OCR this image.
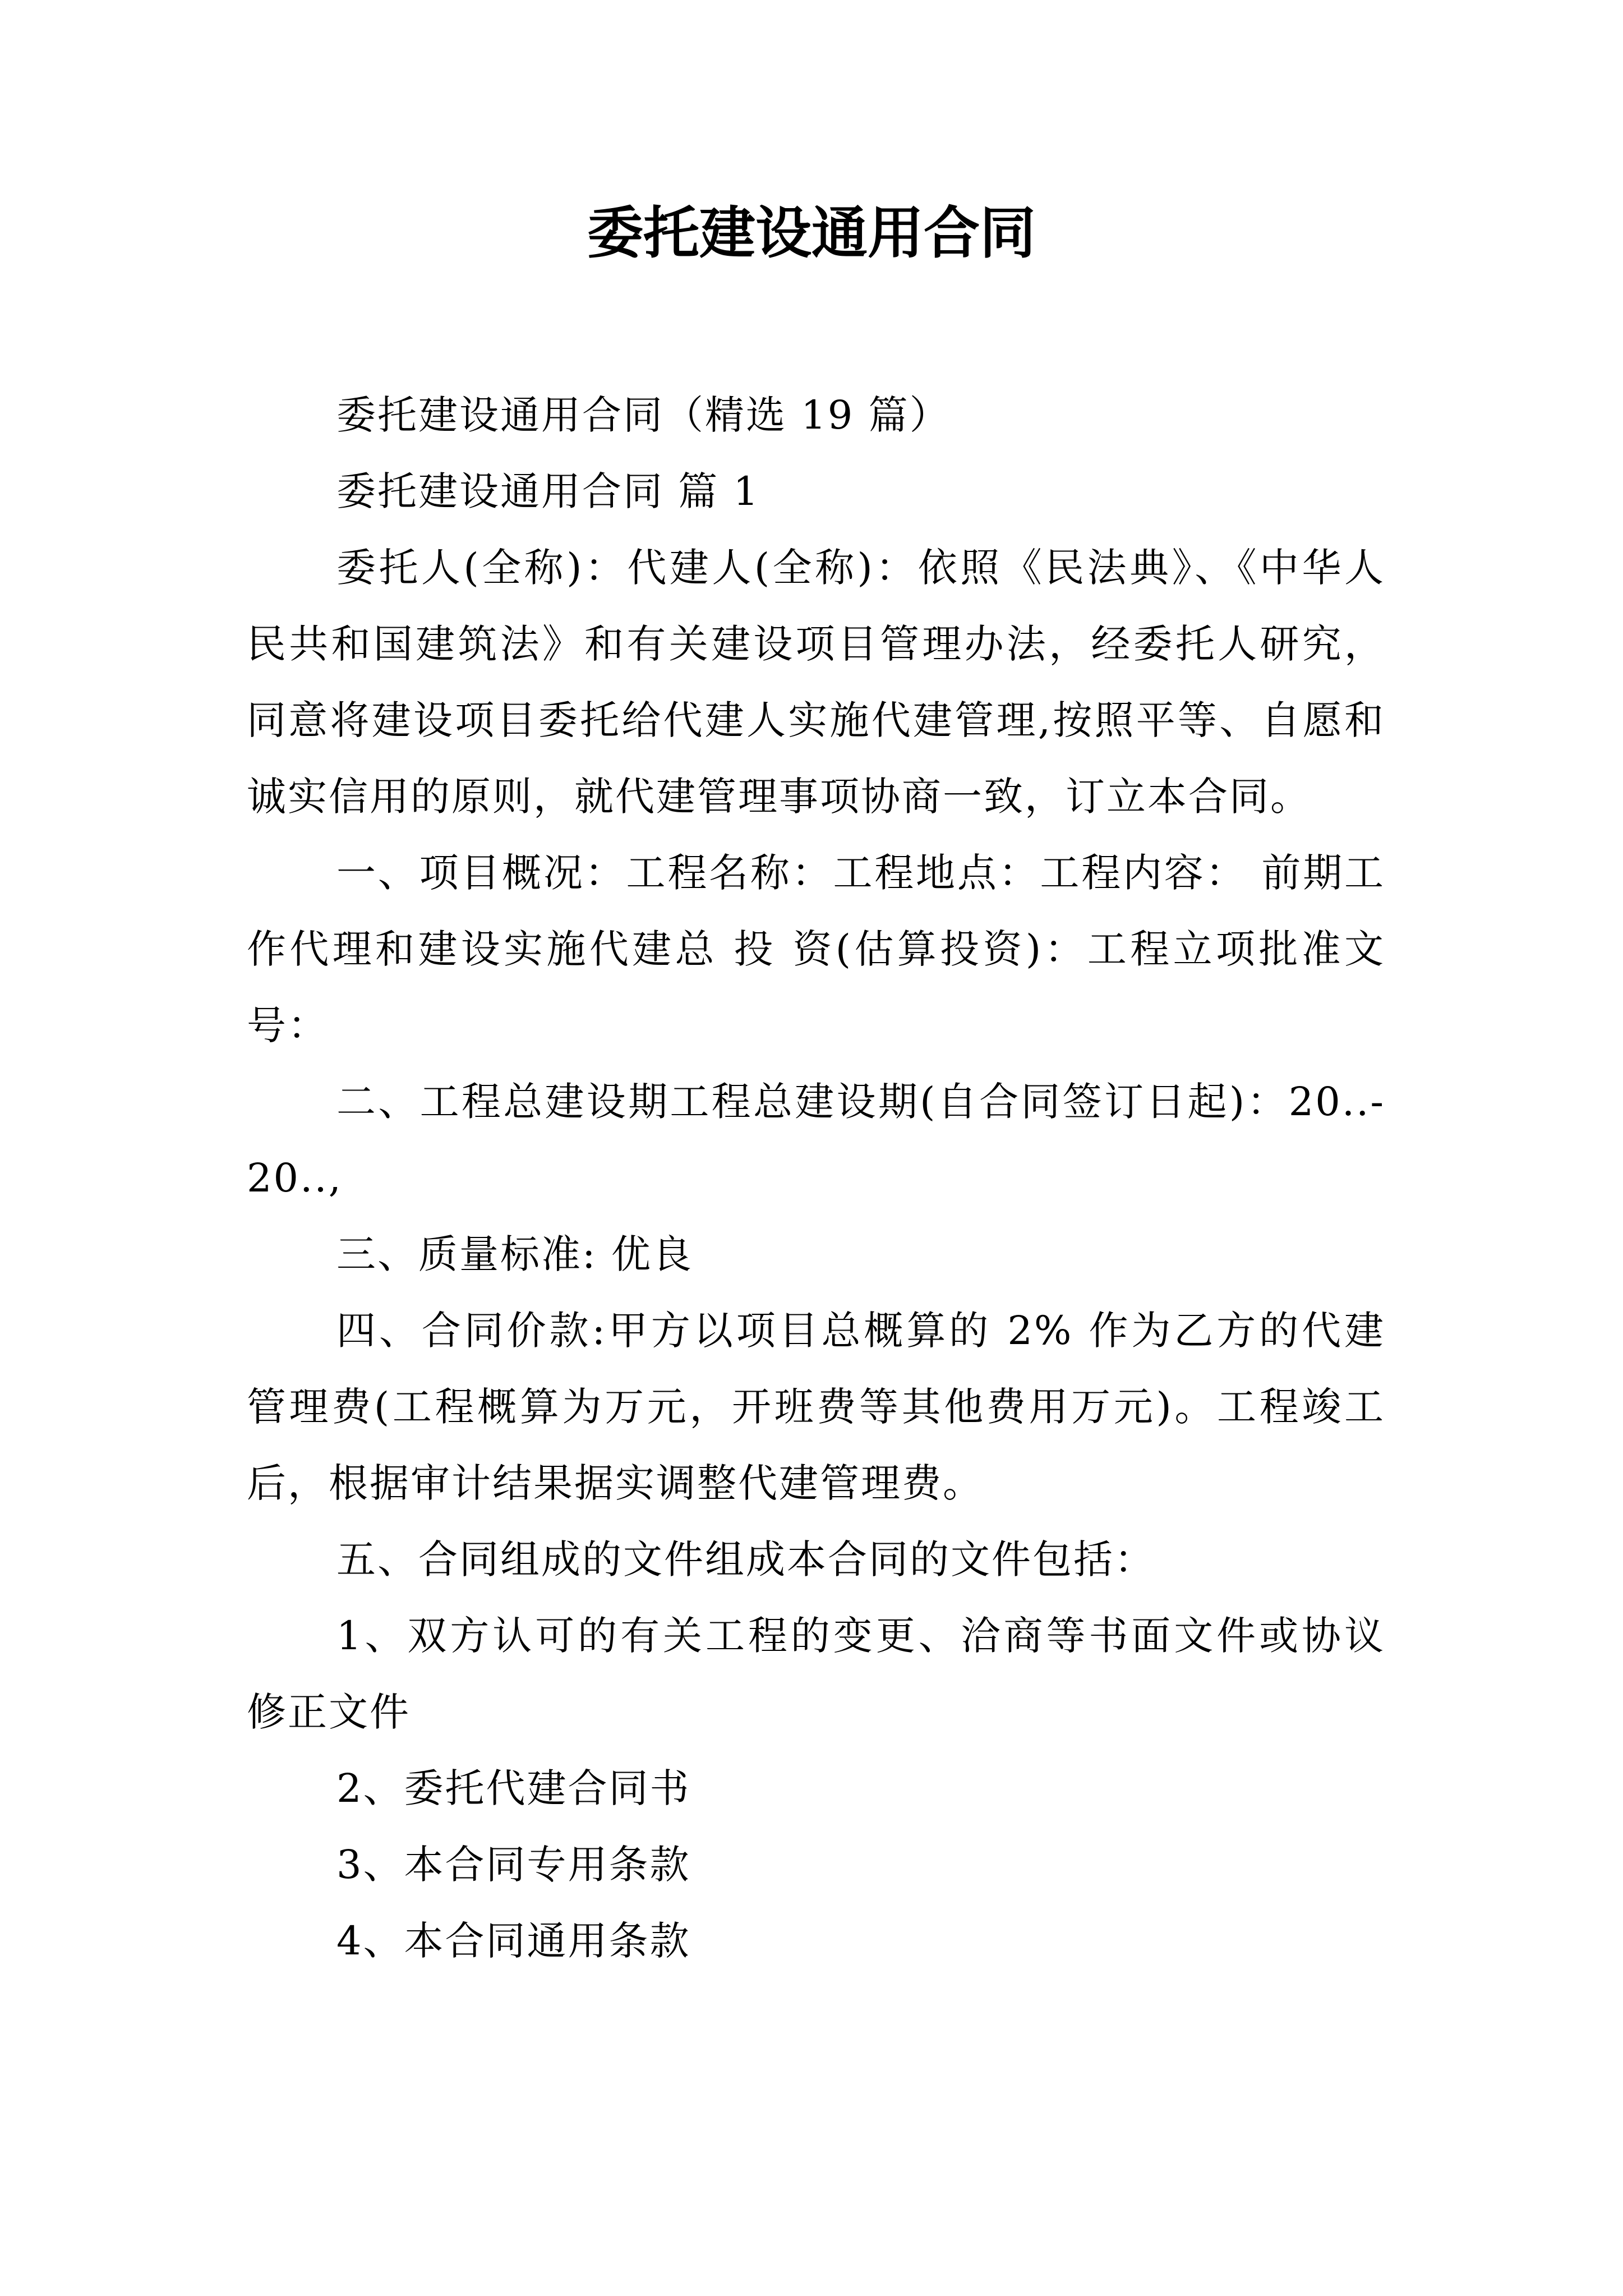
委托建设通用合同

委托建设通用合同（精选 19 篇）

委托建设通用合同 篇 1

委托人(全称)：代建人(全称)：依照《民法典》、《中华人民共和国建筑法》和有关建设项目管理办法，经委托人研究，同意将建设项目委托给代建人实施代建管理,按照平等、自愿和诚实信用的原则，就代建管理事项协商一致，订立本合同。

一、项目概况：工程名称：工程地点：工程内容： 前期工作代理和建设实施代建总 投 资(估算投资)：工程立项批准文号：

二、工程总建设期工程总建设期(自合同签订日起)：20..-20..,

三、质量标准: 优良

四、合同价款:甲方以项目总概算的 2% 作为乙方的代建管理费(工程概算为万元，开班费等其他费用万元)。工程竣工后，根据审计结果据实调整代建管理费。

五、合同组成的文件组成本合同的文件包括：

1、双方认可的有关工程的变更、洽商等书面文件或协议修正文件

2、委托代建合同书

3、本合同专用条款

4、本合同通用条款
